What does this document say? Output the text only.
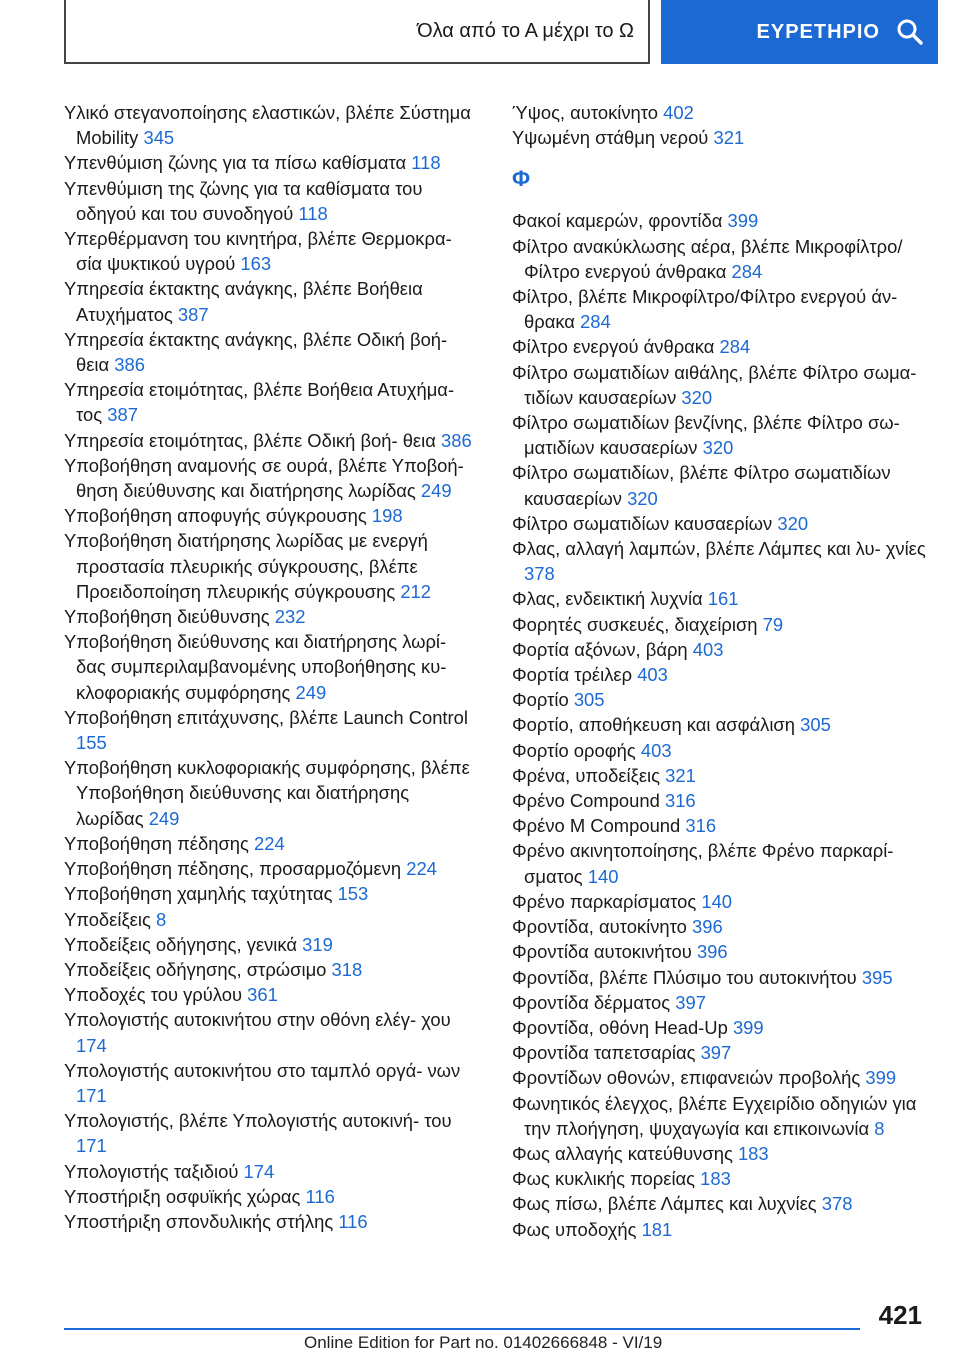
Όλα από το Α μέχρι το Ω	ΕΥΡΕΤΗΡΙΟ

Υλικό στεγανοποίησης ελαστικών, βλέπε Σύστημα Mobility 345

Υπενθύμιση ζώνης για τα πίσω καθίσματα 118

Υπενθύμιση της ζώνης για τα καθίσματα του οδηγού και του συνοδηγού 118

Υπερθέρμανση του κινητήρα, βλέπε Θερμοκρα‐ σία ψυκτικού υγρού 163

Υπηρεσία έκτακτης ανάγκης, βλέπε Βοήθεια Ατυχήματος 387

Υπηρεσία έκτακτης ανάγκης, βλέπε Οδική βοή‐ θεια 386

Υπηρεσία ετοιμότητας, βλέπε Βοήθεια Ατυχήμα‐ τος 387

Υπηρεσία ετοιμότητας, βλέπε Οδική βοή‐ θεια 386

Υποβοήθηση αναμονής σε ουρά, βλέπε Υποβοή‐ θηση διεύθυνσης και διατήρησης λωρίδας 249

Υποβοήθηση αποφυγής σύγκρουσης 198

Υποβοήθηση διατήρησης λωρίδας με ενεργή προστασία πλευρικής σύγκρουσης, βλέπε Προειδοποίηση πλευρικής σύγκρουσης 212

Υποβοήθηση διεύθυνσης 232

Υποβοήθηση διεύθυνσης και διατήρησης λωρί‐ δας συμπεριλαμβανομένης υποβοήθησης κυ‐ κλοφοριακής συμφόρησης 249

Υποβοήθηση επιτάχυνσης, βλέπε Launch Control 155

Υποβοήθηση κυκλοφοριακής συμφόρησης, βλέπε Υποβοήθηση διεύθυνσης και διατήρησης λωρίδας 249

Υποβοήθηση πέδησης 224

Υποβοήθηση πέδησης, προσαρμοζόμενη 224

Υποβοήθηση χαμηλής ταχύτητας 153

Υποδείξεις 8

Υποδείξεις οδήγησης, γενικά 319

Υποδείξεις οδήγησης, στρώσιμο 318

Υποδοχές του γρύλου 361

Υπολογιστής αυτοκινήτου στην οθόνη ελέγ‐ χου 174

Υπολογιστής αυτοκινήτου στο ταμπλό οργά‐ νων 171

Υπολογιστής, βλέπε Υπολογιστής αυτοκινή‐ του 171

Υπολογιστής ταξιδιού 174

Υποστήριξη οσφυϊκής χώρας 116

Υποστήριξη σπονδυλικής στήλης 116

Ύψος, αυτοκίνητο 402

Υψωμένη στάθμη νερού 321

Φ

Φακοί καμερών, φροντίδα 399

Φίλτρο ανακύκλωσης αέρα, βλέπε Μικροφίλτρο/ Φίλτρο ενεργού άνθρακα 284

Φίλτρο, βλέπε Μικροφίλτρο/Φίλτρο ενεργού άν‐ θρακα 284

Φίλτρο ενεργού άνθρακα 284

Φίλτρο σωματιδίων αιθάλης, βλέπε Φίλτρο σωμα‐ τιδίων καυσαερίων 320

Φίλτρο σωματιδίων βενζίνης, βλέπε Φίλτρο σω‐ ματιδίων καυσαερίων 320

Φίλτρο σωματιδίων, βλέπε Φίλτρο σωματιδίων καυσαερίων 320

Φίλτρο σωματιδίων καυσαερίων 320

Φλας, αλλαγή λαμπών, βλέπε Λάμπες και λυ‐ χνίες 378

Φλας, ενδεικτική λυχνία 161

Φορητές συσκευές, διαχείριση 79

Φορτία αξόνων, βάρη 403

Φορτία τρέιλερ 403

Φορτίο 305

Φορτίο, αποθήκευση και ασφάλιση 305

Φορτίο οροφής 403

Φρένα, υποδείξεις 321

Φρένο Compound 316

Φρένο M Compound 316

Φρένο ακινητοποίησης, βλέπε Φρένο παρκαρί‐ σματος 140

Φρένο παρκαρίσματος 140

Φροντίδα, αυτοκίνητο 396

Φροντίδα αυτοκινήτου 396

Φροντίδα, βλέπε Πλύσιμο του αυτοκινήτου 395

Φροντίδα δέρματος 397

Φροντίδα, οθόνη Head-Up 399

Φροντίδα ταπετσαρίας 397

Φροντίδων οθονών, επιφανειών προβολής 399

Φωνητικός έλεγχος, βλέπε Εγχειρίδιο οδηγιών για την πλοήγηση, ψυχαγωγία και επικοινωνία 8

Φως αλλαγής κατεύθυνσης 183

Φως κυκλικής πορείας 183

Φως πίσω, βλέπε Λάμπες και λυχνίες 378

Φως υποδοχής 181

421
Online Edition for Part no. 01402666848 - VI/19
